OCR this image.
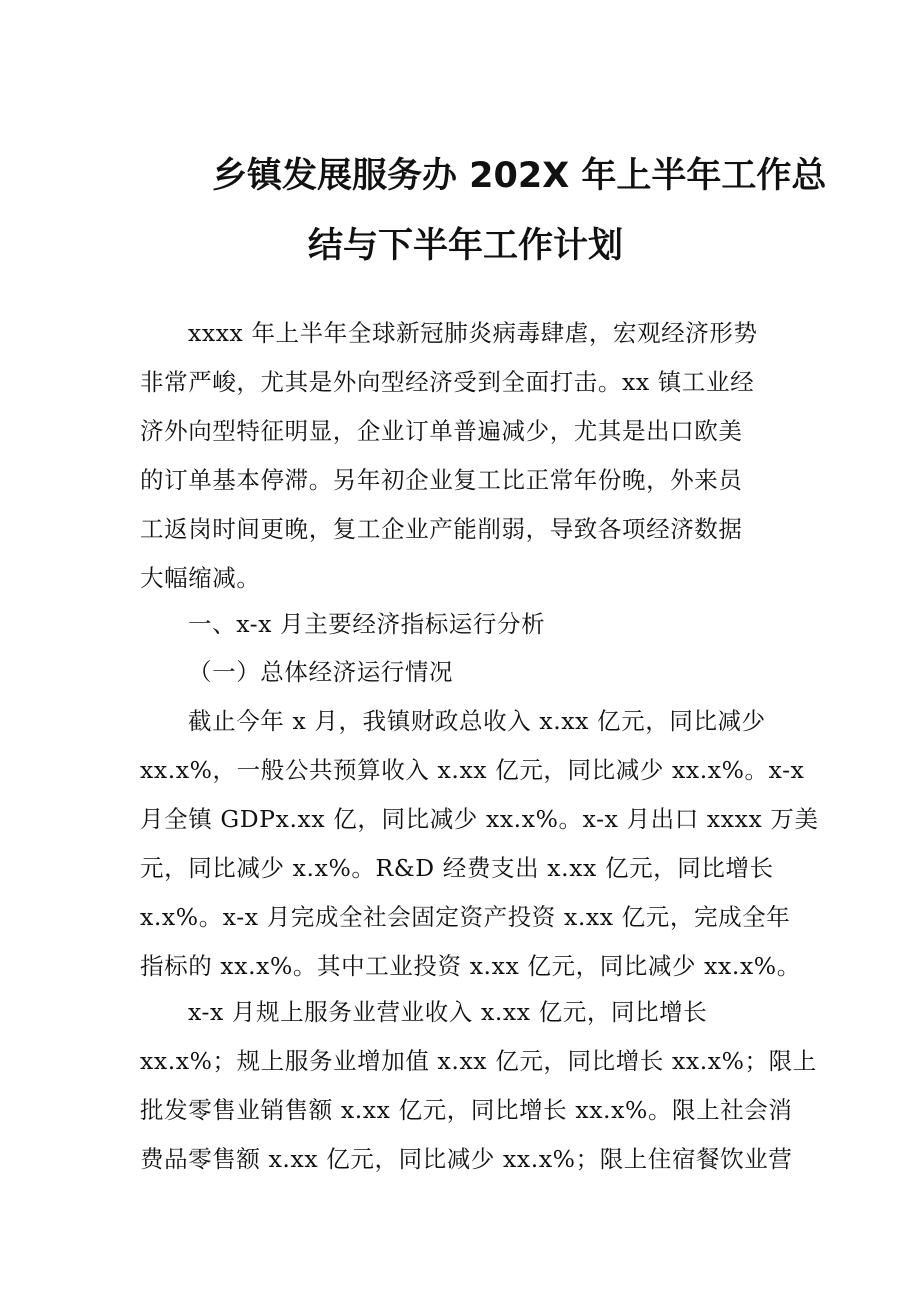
乡镇发展服务办 202X 年上半年工作总
结与下半年工作计划
xxxx 年上半年全球新冠肺炎病毒肆虐，宏观经济形势
非常严峻，尤其是外向型经济受到全面打击。xx 镇工业经
济外向型特征明显，企业订单普遍减少，尤其是出口欧美
的订单基本停滞。另年初企业复工比正常年份晚，外来员
工返岗时间更晚，复工企业产能削弱，导致各项经济数据
大幅缩减。
一、x-x 月主要经济指标运行分析
（一）总体经济运行情况
截止今年 x 月，我镇财政总收入 x.xx 亿元，同比减少
xx.x%，一般公共预算收入 x.xx 亿元，同比减少 xx.x%。x-x
月全镇 GDPx.xx 亿，同比减少 xx.x%。x-x 月出口 xxxx 万美
元，同比减少 x.x%。R&D 经费支出 x.xx 亿元，同比增长
x.x%。x-x 月完成全社会固定资产投资 x.xx 亿元，完成全年
指标的 xx.x%。其中工业投资 x.xx 亿元，同比减少 xx.x%。
x-x 月规上服务业营业收入 x.xx 亿元，同比增长
xx.x%；规上服务业增加值 x.xx 亿元，同比增长 xx.x%；限上
批发零售业销售额 x.xx 亿元，同比增长 xx.x%。限上社会消
费品零售额 x.xx 亿元，同比减少 xx.x%；限上住宿餐饮业营
